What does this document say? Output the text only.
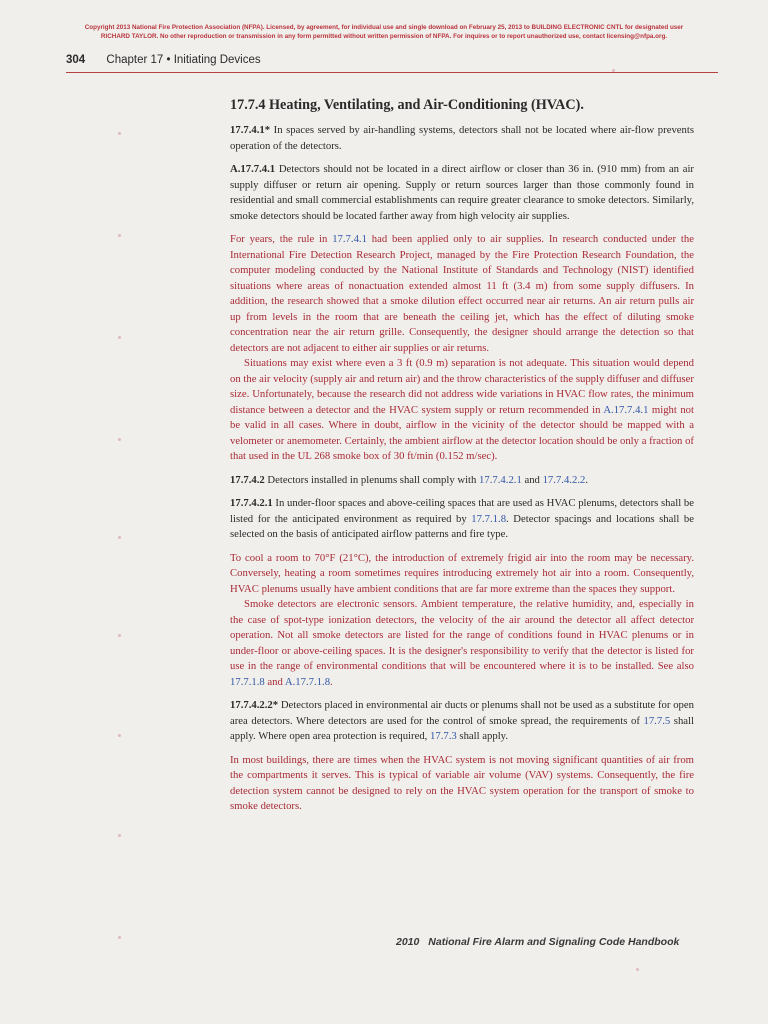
Copyright 2013 National Fire Protection Association (NFPA). Licensed, by agreement, for individual use and single download on February 25, 2013 to BUILDING ELECTRONIC CNTL for designated user
RICHARD TAYLOR. No other reproduction or transmission in any form permitted without written permission of NFPA. For inquires or to report unauthorized use, contact licensing@nfpa.org.
304 Chapter 17 • Initiating Devices
17.7.4 Heating, Ventilating, and Air-Conditioning (HVAC).

17.7.4.1* In spaces served by air-handling systems, detectors shall not be located where air-flow prevents operation of the detectors.

A.17.7.4.1 Detectors should not be located in a direct airflow or closer than 36 in. (910 mm) from an air supply diffuser or return air opening. Supply or return sources larger than those commonly found in residential and small commercial establishments can require greater clearance to smoke detectors. Similarly, smoke detectors should be located farther away from high velocity air supplies.

For years, the rule in 17.7.4.1 had been applied only to air supplies. In research conducted under the International Fire Detection Research Project, managed by the Fire Protection Research Foundation, the computer modeling conducted by the National Institute of Standards and Technology (NIST) identified situations where areas of nonactuation extended almost 11 ft (3.4 m) from some supply diffusers. In addition, the research showed that a smoke dilution effect occurred near air returns. An air return pulls air up from levels in the room that are beneath the ceiling jet, which has the effect of diluting smoke concentration near the air return grille. Consequently, the designer should arrange the detection so that detectors are not adjacent to either air supplies or air returns.

Situations may exist where even a 3 ft (0.9 m) separation is not adequate. This situation would depend on the air velocity (supply air and return air) and the throw characteristics of the supply diffuser and diffuser size. Unfortunately, because the research did not address wide variations in HVAC flow rates, the minimum distance between a detector and the HVAC system supply or return recommended in A.17.7.4.1 might not be valid in all cases. Where in doubt, airflow in the vicinity of the detector should be mapped with a velometer or anemometer. Certainly, the ambient airflow at the detector location should be only a fraction of that used in the UL 268 smoke box of 30 ft/min (0.152 m/sec).

17.7.4.2 Detectors installed in plenums shall comply with 17.7.4.2.1 and 17.7.4.2.2.

17.7.4.2.1 In under-floor spaces and above-ceiling spaces that are used as HVAC plenums, detectors shall be listed for the anticipated environment as required by 17.7.1.8. Detector spacings and locations shall be selected on the basis of anticipated airflow patterns and fire type.

To cool a room to 70°F (21°C), the introduction of extremely frigid air into the room may be necessary. Conversely, heating a room sometimes requires introducing extremely hot air into a room. Consequently, HVAC plenums usually have ambient conditions that are far more extreme than the spaces they support.

Smoke detectors are electronic sensors. Ambient temperature, the relative humidity, and, especially in the case of spot-type ionization detectors, the velocity of the air around the detector all affect detector operation. Not all smoke detectors are listed for the range of conditions found in HVAC plenums or in under-floor or above-ceiling spaces. It is the designer's responsibility to verify that the detector is listed for use in the range of environmental conditions that will be encountered where it is to be installed. See also 17.7.1.8 and A.17.7.1.8.

17.7.4.2.2* Detectors placed in environmental air ducts or plenums shall not be used as a substitute for open area detectors. Where detectors are used for the control of smoke spread, the requirements of 17.7.5 shall apply. Where open area protection is required, 17.7.3 shall apply.

In most buildings, there are times when the HVAC system is not moving significant quantities of air from the compartments it serves. This is typical of variable air volume (VAV) systems. Consequently, the fire detection system cannot be designed to rely on the HVAC system operation for the transport of smoke to smoke detectors.

2010 National Fire Alarm and Signaling Code Handbook
